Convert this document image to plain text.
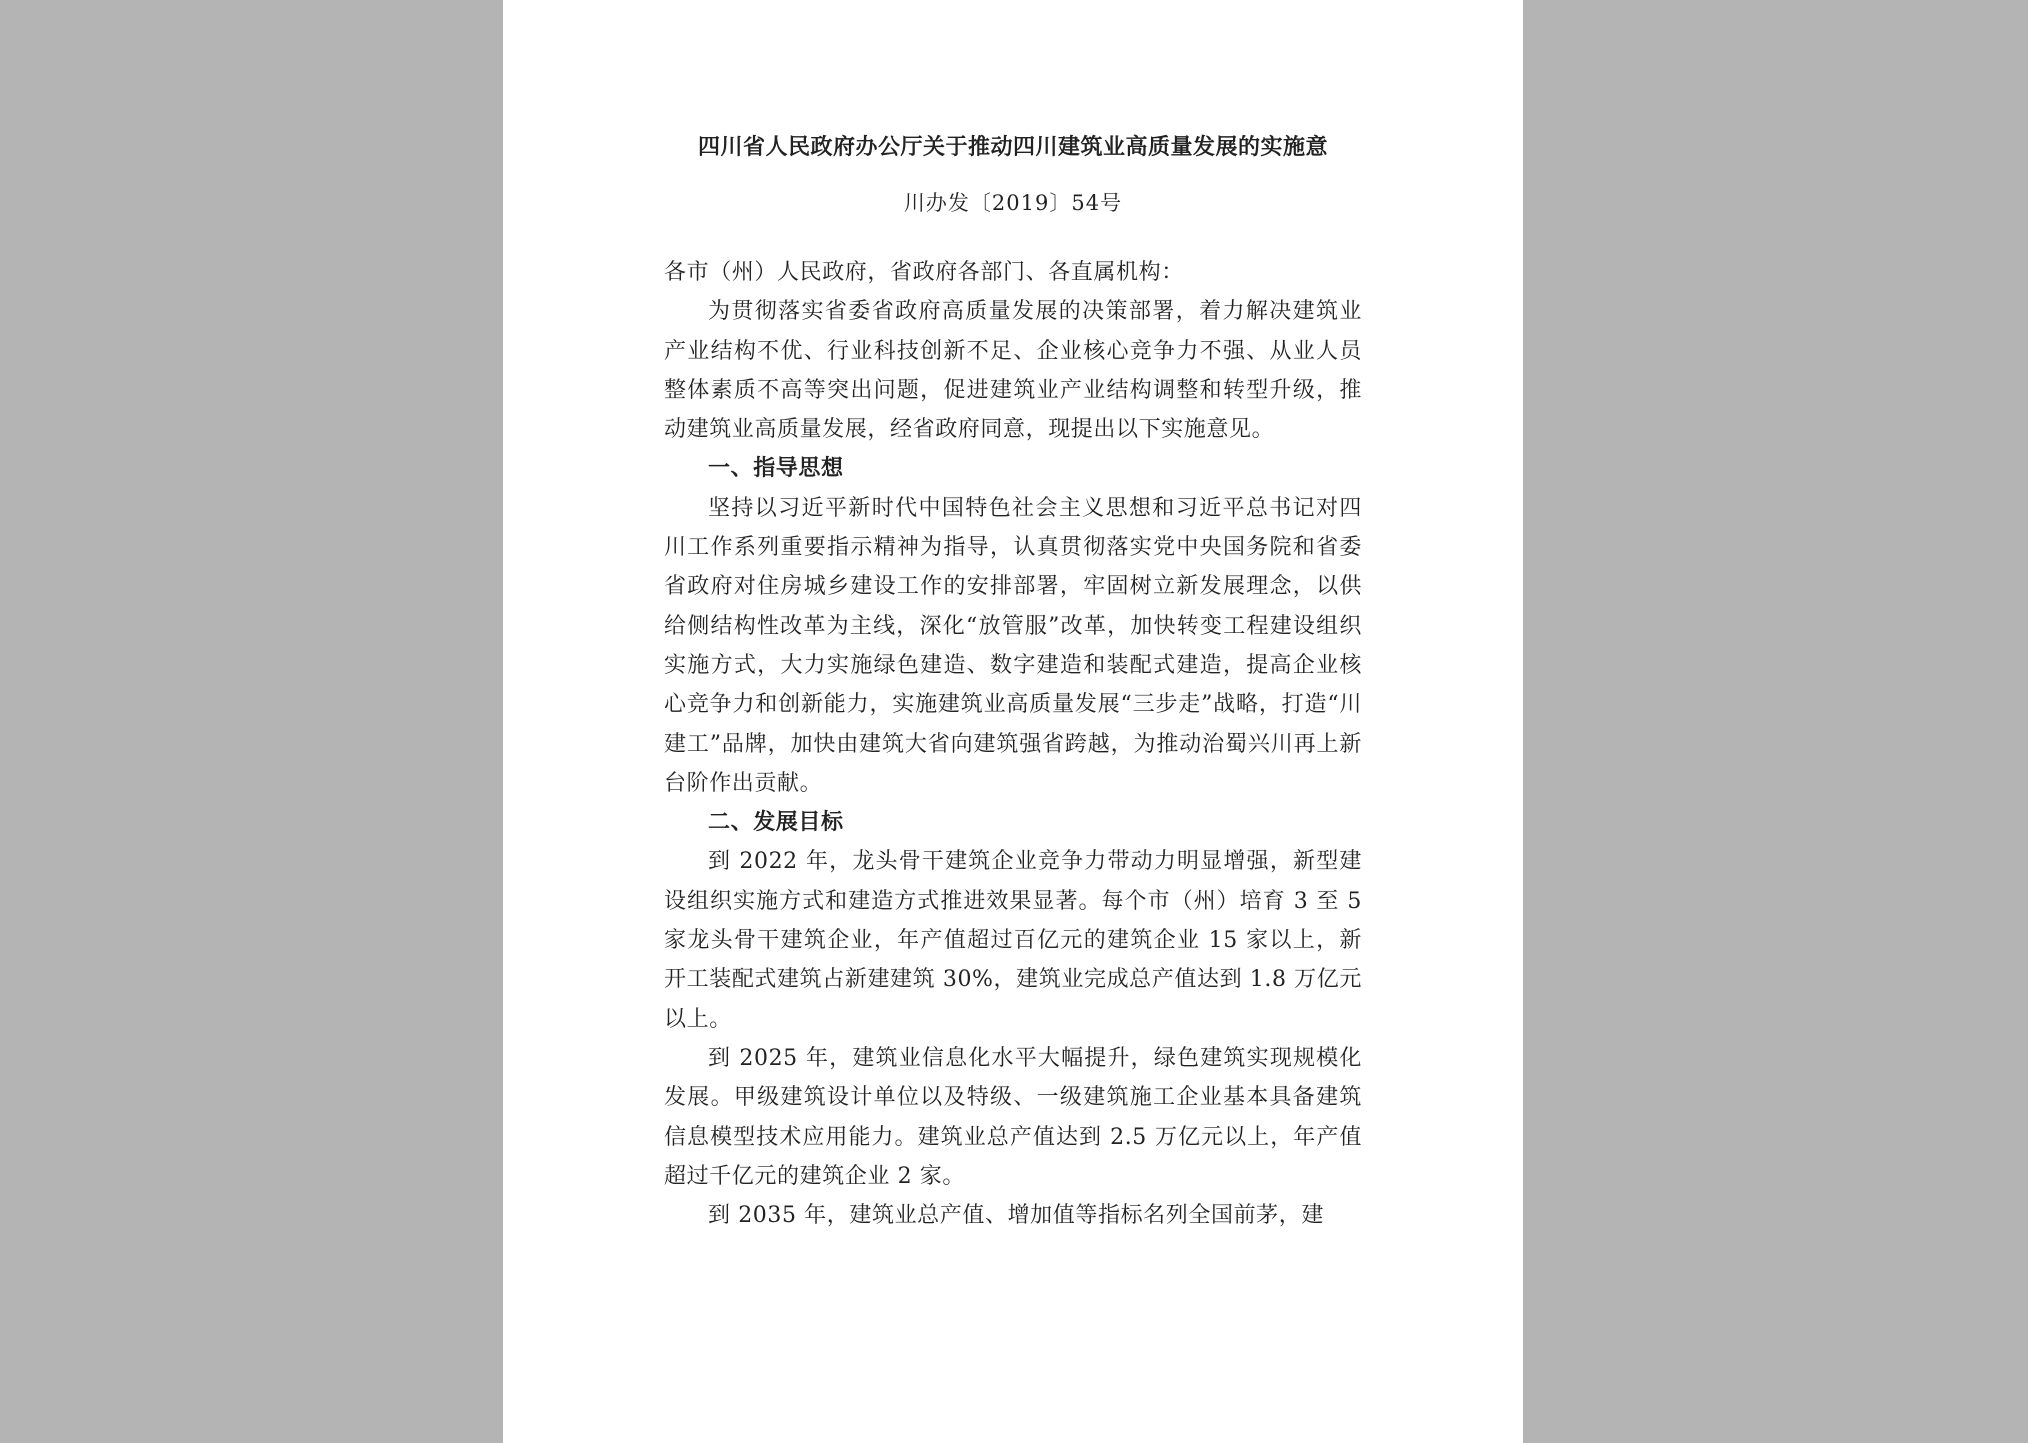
四川省人民政府办公厅关于推动四川建筑业高质量发展的实施意
川办发〔2019〕54号

各市（州）人民政府，省政府各部门、各直属机构：

为贯彻落实省委省政府高质量发展的决策部署，着力解决建筑业产业结构不优、行业科技创新不足、企业核心竞争力不强、从业人员整体素质不高等突出问题，促进建筑业产业结构调整和转型升级，推动建筑业高质量发展，经省政府同意，现提出以下实施意见。

一、指导思想

坚持以习近平新时代中国特色社会主义思想和习近平总书记对四川工作系列重要指示精神为指导，认真贯彻落实党中央国务院和省委省政府对住房城乡建设工作的安排部署，牢固树立新发展理念，以供给侧结构性改革为主线，深化“放管服”改革，加快转变工程建设组织实施方式，大力实施绿色建造、数字建造和装配式建造，提高企业核心竞争力和创新能力，实施建筑业高质量发展“三步走”战略，打造“川建工”品牌，加快由建筑大省向建筑强省跨越，为推动治蜀兴川再上新台阶作出贡献。

二、发展目标

到 2022 年，龙头骨干建筑企业竞争力带动力明显增强，新型建设组织实施方式和建造方式推进效果显著。每个市（州）培育 3 至 5 家龙头骨干建筑企业，年产值超过百亿元的建筑企业 15 家以上，新开工装配式建筑占新建建筑 30%，建筑业完成总产值达到 1.8 万亿元以上。

到 2025 年，建筑业信息化水平大幅提升，绿色建筑实现规模化发展。甲级建筑设计单位以及特级、一级建筑施工企业基本具备建筑信息模型技术应用能力。建筑业总产值达到 2.5 万亿元以上，年产值超过千亿元的建筑企业 2 家。

到 2035 年，建筑业总产值、增加值等指标名列全国前茅，建
